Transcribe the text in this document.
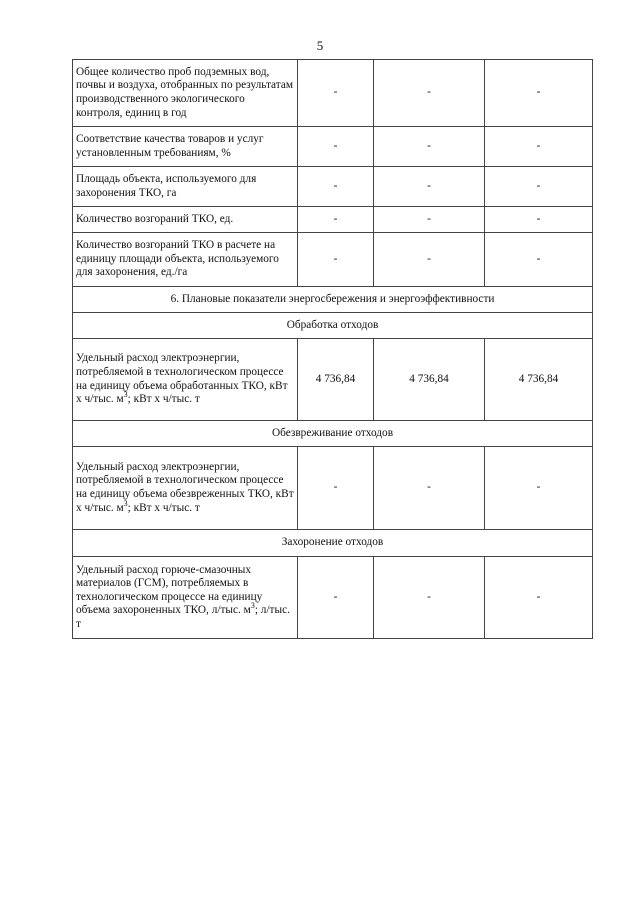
5
Общее количество проб подземных вод, почвы и воздуха, отобранных по результатам производственного экологического контроля, единиц в год	-	-	-
Соответствие качества товаров и услуг установленным требованиям, %	-	-	-
Площадь объекта, используемого для захоронения ТКО, га	-	-	-
Количество возгораний ТКО, ед.	-	-	-
Количество возгораний ТКО в расчете на единицу площади объекта, используемого для захоронения, ед./га	-	-	-
6. Плановые показатели энергосбережения и энергоэффективности			
Обработка отходов			
Удельный расход электроэнергии, потребляемой в технологическом процессе на единицу объема обработанных ТКО, кВт х ч/тыс. $м^3$; кВт х ч/тыс. т	4 736,84	4 736,84	4 736,84
Обезвреживание отходов			
Удельный расход электроэнергии, потребляемой в технологическом процессе на единицу объема обезвреженных ТКО, кВт х ч/тыс. $м^3$; кВт х ч/тыс. т	-	-	-
Захоронение отходов			
Удельный расход горюче-смазочных материалов (ГСМ), потребляемых в технологическом процессе на единицу объема захороненных ТКО, л/тыс. $м^3$; л/тыс. т	-	-	-
